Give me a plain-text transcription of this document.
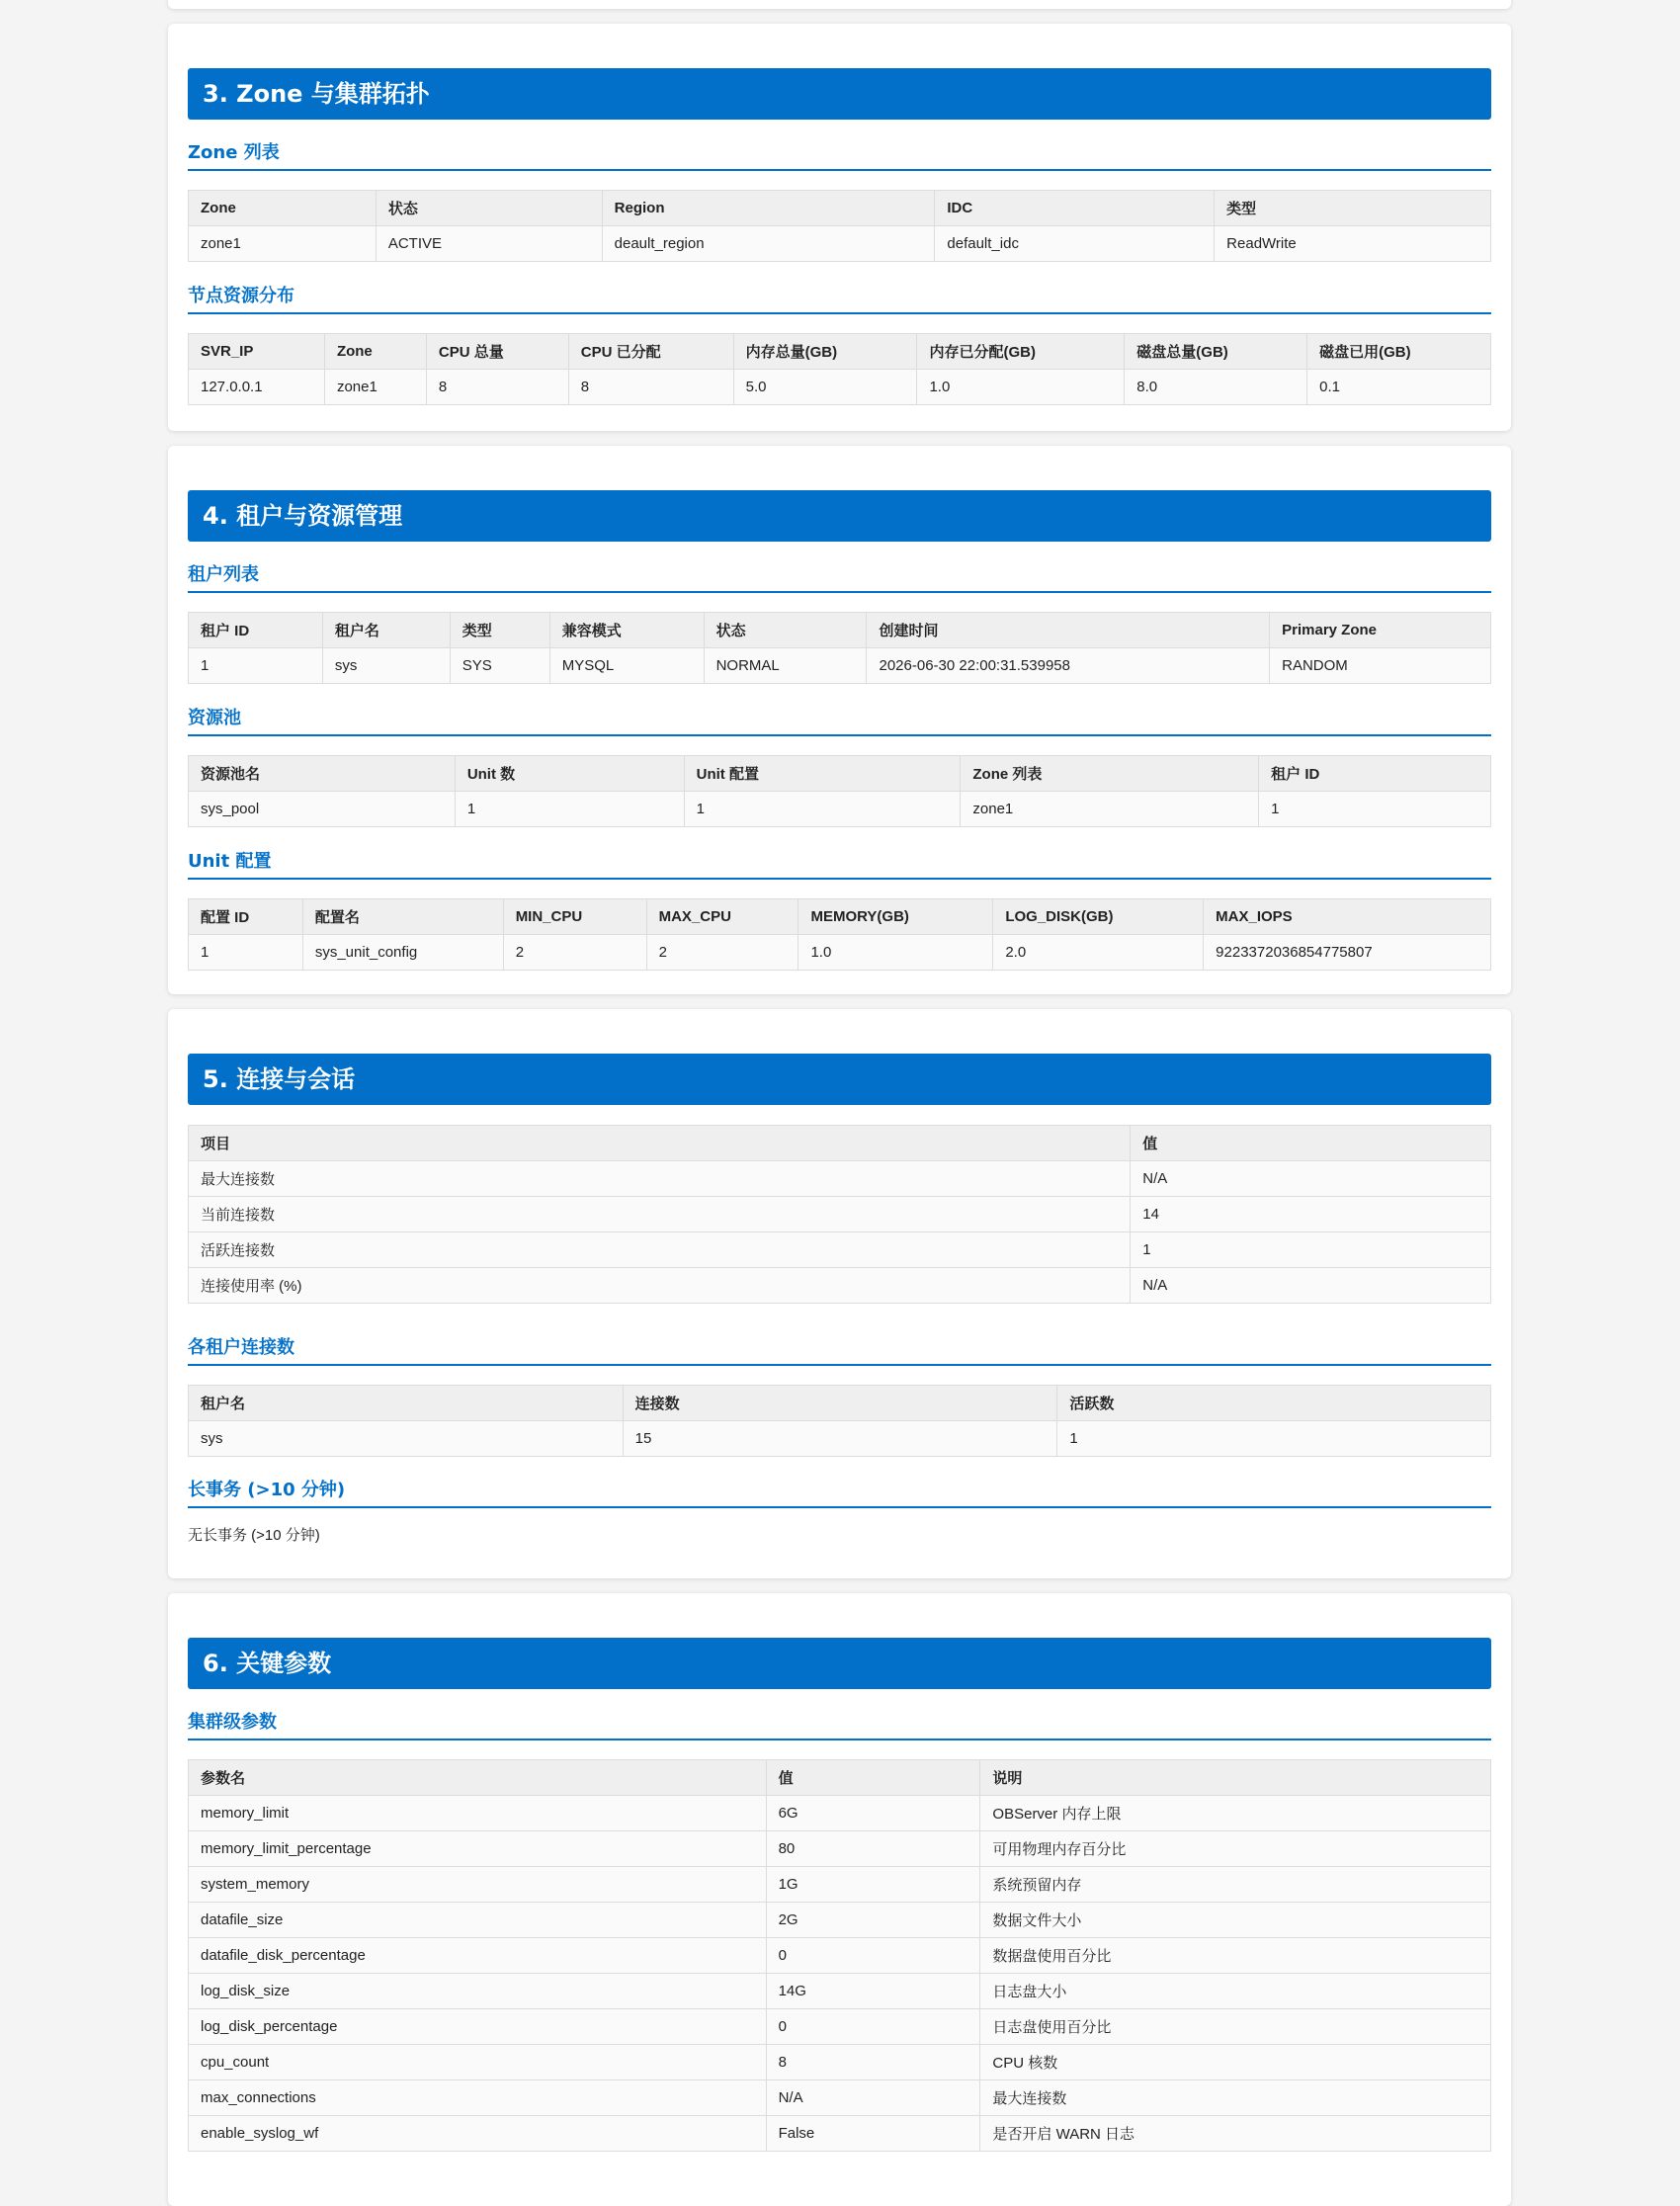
3. Zone 与集群拓扑
Zone 列表
Zone	状态	Region	IDC	类型
zone1	ACTIVE	deault_region	default_idc	ReadWrite
节点资源分布
SVR_IP	Zone	CPU 总量	CPU 已分配	内存总量(GB)	内存已分配(GB)	磁盘总量(GB)	磁盘已用(GB)
127.0.0.1	zone1	8	8	5.0	1.0	8.0	0.1
4. 租户与资源管理
租户列表
租户 ID	租户名	类型	兼容模式	状态	创建时间	Primary Zone
1	sys	SYS	MYSQL	NORMAL	2026-06-30 22:00:31.539958	RANDOM
资源池
资源池名	Unit 数	Unit 配置	Zone 列表	租户 ID
sys_pool	1	1	zone1	1
Unit 配置
配置 ID	配置名	MIN_CPU	MAX_CPU	MEMORY(GB)	LOG_DISK(GB)	MAX_IOPS
1	sys_unit_config	2	2	1.0	2.0	9223372036854775807
5. 连接与会话
项目	值
最大连接数	N/A
当前连接数	14
活跃连接数	1
连接使用率 (%)	N/A
各租户连接数
租户名	连接数	活跃数
sys	15	1
长事务 (>10 分钟)
无长事务 (>10 分钟)
6. 关键参数
集群级参数
参数名	值	说明
memory_limit	6G	OBServer 内存上限
memory_limit_percentage	80	可用物理内存百分比
system_memory	1G	系统预留内存
datafile_size	2G	数据文件大小
datafile_disk_percentage	0	数据盘使用百分比
log_disk_size	14G	日志盘大小
log_disk_percentage	0	日志盘使用百分比
cpu_count	8	CPU 核数
max_connections	N/A	最大连接数
enable_syslog_wf	False	是否开启 WARN 日志
